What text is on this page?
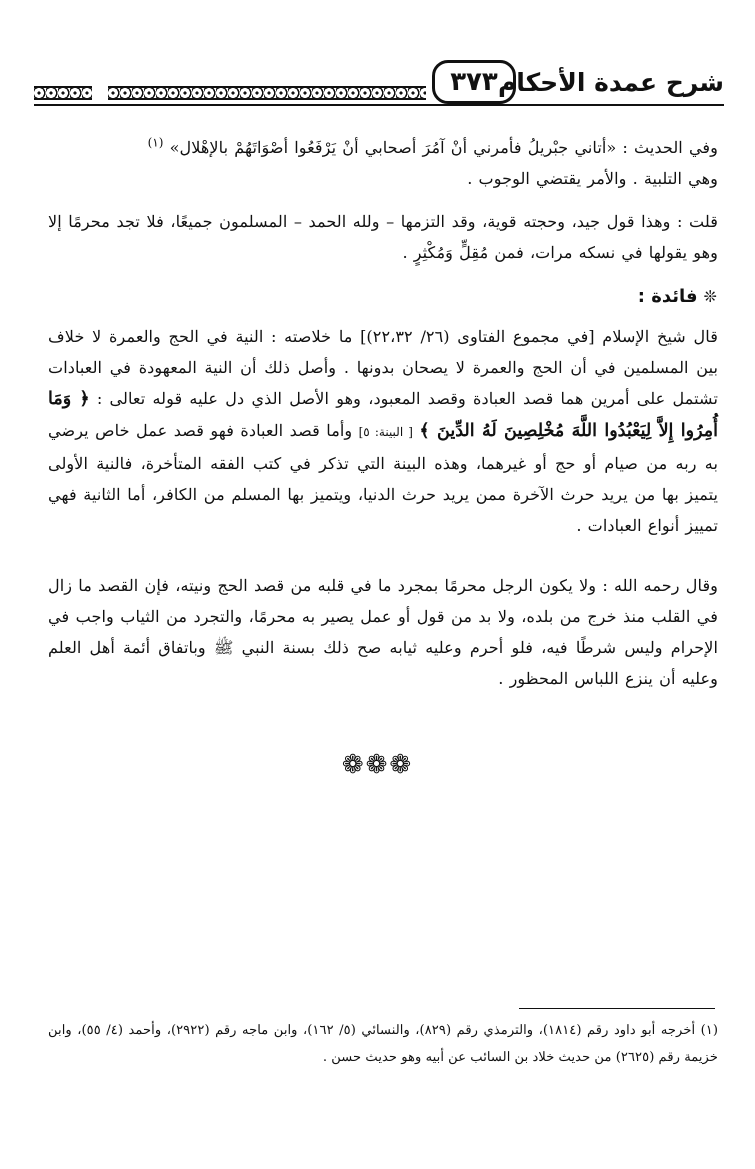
شرح عمدة الأحكام
٣٧٣
وفي الحديث : «أتاني جبْريلُ فأمرني أنْ آمُرَ أصحابي أنْ يَرْفَعُوا أصْوَاتَهُمْ بالإهْلال» $^{(١)}$
وهي التلبية . والأمر يقتضي الوجوب .
قلت : وهذا قول جيد، وحجته قوية، وقد التزمها – ولله الحمد – المسلمون جميعًا، فلا تجد محرمًا إلا وهو يقولها في نسكه مرات، فمن مُقِلٍّ وَمُكْثِرٍ .
❊فائدة :
قال شيخ الإسلام [في مجموع الفتاوى (٢٦/ ٢٢،٣٢)] ما خلاصته : النية في الحج والعمرة لا خلاف بين المسلمين في أن الحج والعمرة لا يصحان بدونها . وأصل ذلك أن النية المعهودة في العبادات تشتمل على أمرين هما قصد العبادة وقصد المعبود، وهو الأصل الذي دل عليه قوله تعالى : ﴿ وَمَا أُمِرُوا إِلاَّ لِيَعْبُدُوا اللَّهَ مُخْلِصِينَ لَهُ الدِّينَ ﴾ [ البينة: ٥] وأما قصد العبادة فهو قصد عمل خاص يرضي به ربه من صيام أو حج أو غيرهما، وهذه البينة التي تذكر في كتب الفقه المتأخرة، فالنية الأولى يتميز بها من يريد حرث الآخرة ممن يريد حرث الدنيا، ويتميز بها المسلم من الكافر، أما الثانية فهي تمييز أنواع العبادات .
وقال رحمه الله : ولا يكون الرجل محرمًا بمجرد ما في قلبه من قصد الحج ونيته، فإن القصد ما زال في القلب منذ خرج من بلده، ولا بد من قول أو عمل يصير به محرمًا، والتجرد من الثياب واجب في الإحرام وليس شرطًا فيه، فلو أحرم وعليه ثيابه صح ذلك بسنة النبي ﷺ وباتفاق أئمة أهل العلم وعليه أن ينزع اللباس المحظور .
❁❁❁
(١) أخرجه أبو داود رقم (١٨١٤)، والترمذي رقم (٨٢٩)، والنسائي (٥/ ١٦٢)، وابن ماجه رقم (٢٩٢٢)، وأحمد (٤/ ٥٥)، وابن خزيمة رقم (٢٦٢٥) من حديث خلاد بن السائب عن أبيه وهو حديث حسن .
